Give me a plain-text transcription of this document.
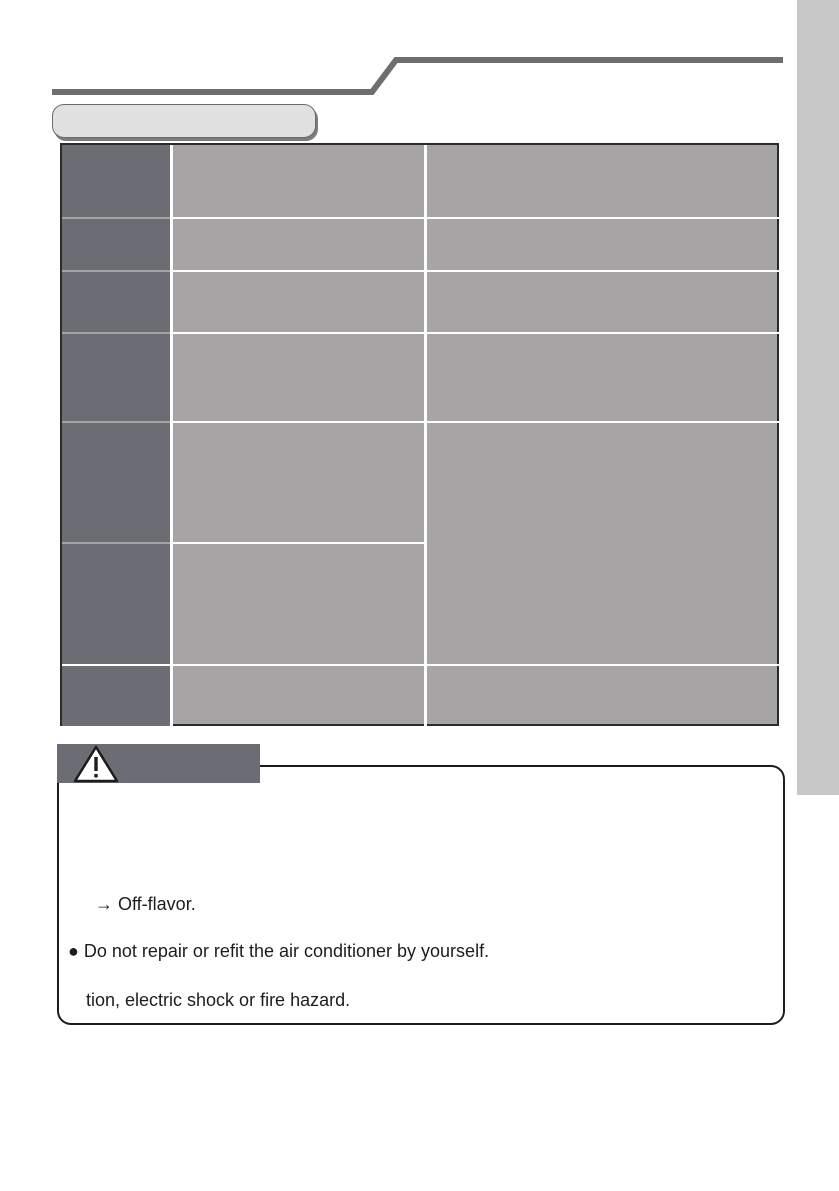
→ Off-flavor.
● Do not repair or refit the air conditioner by yourself.
tion, electric shock or fire hazard.
